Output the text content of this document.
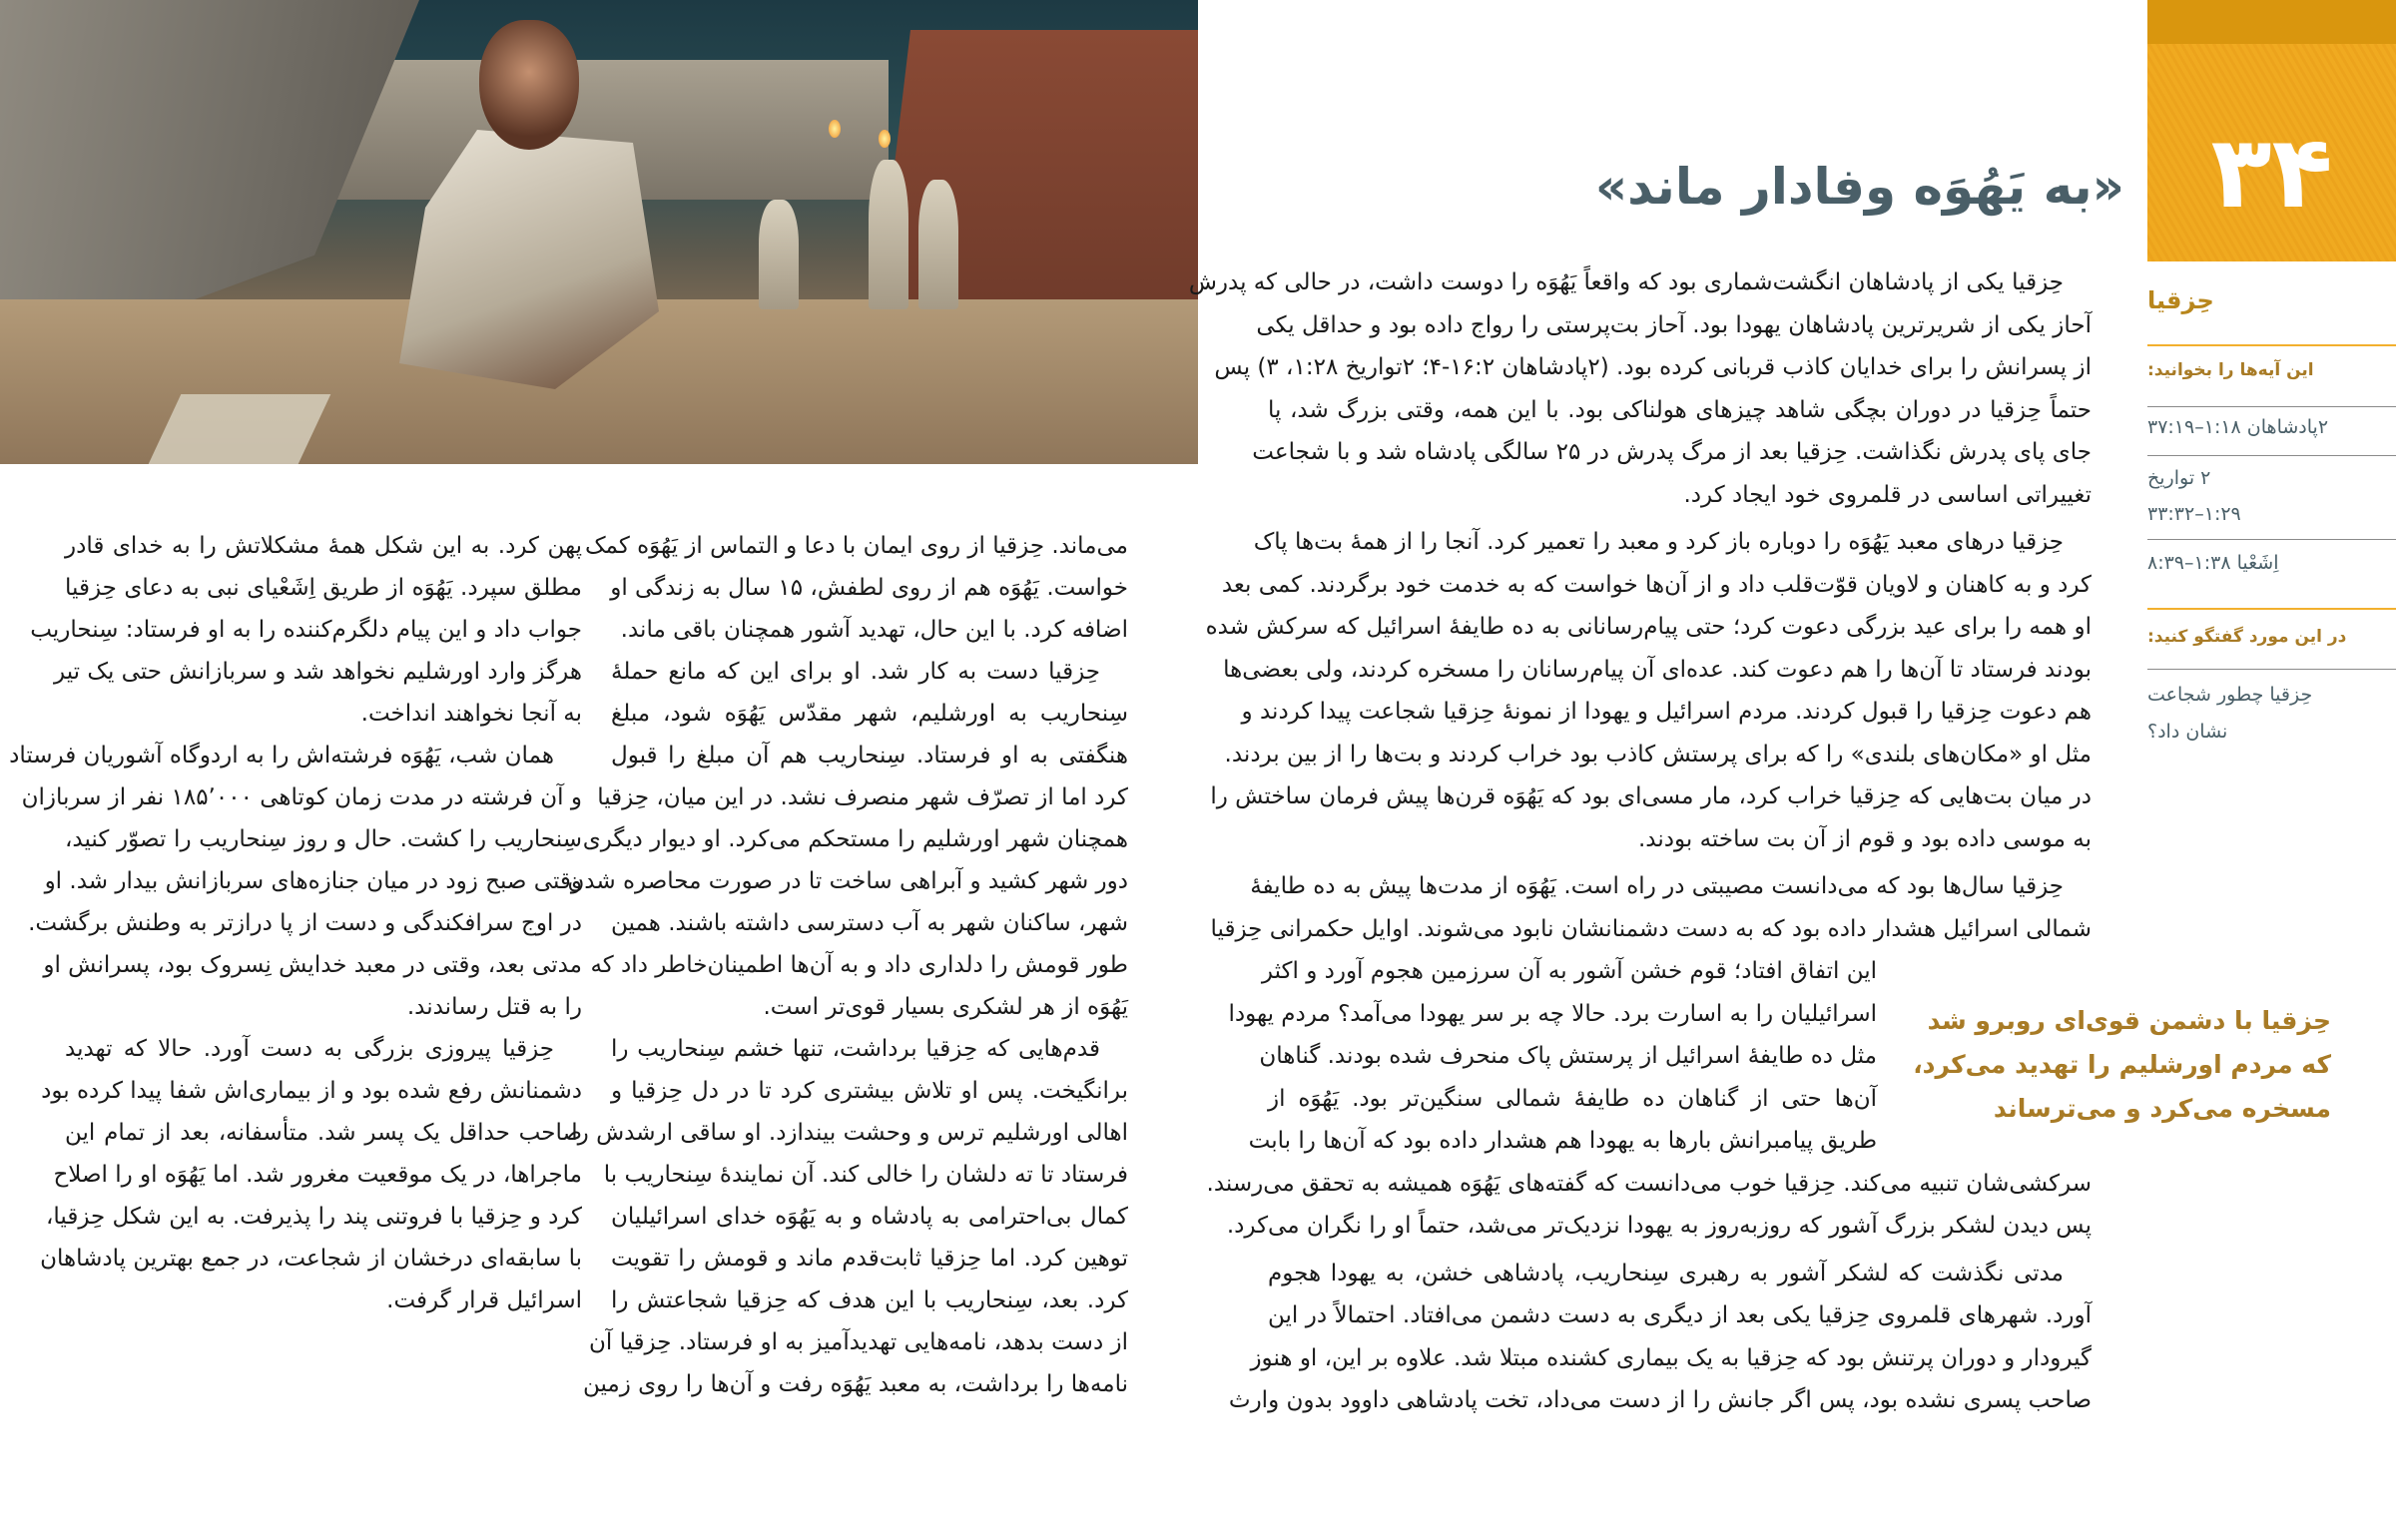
۳۴
«به یَهُوَه وفادار ماند»
حِزقیا
این آیه‌ها را بخوانید:
۲پادشاهان ۱:۱۸–۳۷:۱۹
۲ تواریخ
۱:۲۹–۳۳:۳۲
اِشَعْیا ۱:۳۸–۸:۳۹
در این مورد گفتگو کنید:
حِزقیا چطور شجاعت
نشان داد؟
حِزقیا با دشمن قوی‌ای روبرو شد
که مردم اورشلیم را تهدید می‌کرد،
مسخره می‌کرد و می‌ترساند
حِزقیا یکی از پادشاهان انگشت‌شماری بود که واقعاً یَهُوَه را دوست داشت، در حالی که پدرش
آحاز یکی از شریرترین پادشاهان یهودا بود. آحاز بت‌پرستی را رواج داده بود و حداقل یکی
از پسرانش را برای خدایان کاذب قربانی کرده بود. (۲پادشاهان ۱۶:۲-۴؛ ۲تواریخ ۱:۲۸، ۳) پس
حتماً حِزقیا در دوران بچگی شاهد چیزهای هولناکی بود. با این همه، وقتی بزرگ شد، پا
جای پای پدرش نگذاشت. حِزقیا بعد از مرگ پدرش در ۲۵ سالگی پادشاه شد و با شجاعت
تغییراتی اساسی در قلمروی خود ایجاد کرد.
حِزقیا درهای معبد یَهُوَه را دوباره باز کرد و معبد را تعمیر کرد. آنجا را از همهٔ بت‌ها پاک
کرد و به کاهنان و لاویان قوّت‌قلب داد و از آن‌ها خواست که به خدمت خود برگردند. کمی بعد
او همه را برای عید بزرگی دعوت کرد؛ حتی پیام‌رسانانی به ده طایفهٔ اسرائیل که سرکش شده
بودند فرستاد تا آن‌ها را هم دعوت کند. عده‌ای آن پیام‌رسانان را مسخره کردند، ولی بعضی‌ها
هم دعوت حِزقیا را قبول کردند. مردم اسرائیل و یهودا از نمونهٔ حِزقیا شجاعت پیدا کردند و
مثل او «مکان‌های بلندی» را که برای پرستش کاذب بود خراب کردند و بت‌ها را از بین بردند.
در میان بت‌هایی که حِزقیا خراب کرد، مار مسی‌ای بود که یَهُوَه قرن‌ها پیش فرمان ساختش را
به موسی داده بود و قوم از آن بت ساخته بودند.
حِزقیا سال‌ها بود که می‌دانست مصیبتی در راه است. یَهُوَه از مدت‌ها پیش به ده طایفهٔ
شمالی اسرائیل هشدار داده بود که به دست دشمنانشان نابود می‌شوند. اوایل حکمرانی حِزقیا
این اتفاق افتاد؛ قوم خشن آشور به آن سرزمین هجوم آورد و اکثر
اسرائیلیان را به اسارت برد. حالا چه بر سر یهودا می‌آمد؟ مردم یهودا
مثل ده طایفهٔ اسرائیل از پرستش پاک منحرف شده بودند. گناهان
آن‌ها حتی از گناهان ده طایفهٔ شمالی سنگین‌تر بود. یَهُوَه از
طریق پیامبرانش بارها به یهودا هم هشدار داده بود که آن‌ها را بابت
سرکشی‌شان تنبیه می‌کند. حِزقیا خوب می‌دانست که گفته‌های یَهُوَه همیشه به تحقق می‌رسند.
پس دیدن لشکر بزرگ آشور که روزبه‌روز به یهودا نزدیک‌تر می‌شد، حتماً او را نگران می‌کرد.
مدتی نگذشت که لشکر آشور به رهبری سِنحاریب، پادشاهی خشن، به یهودا هجوم
آورد. شهرهای قلمروی حِزقیا یکی بعد از دیگری به دست دشمن می‌افتاد. احتمالاً در این
گیرودار و دوران پرتنش بود که حِزقیا به یک بیماری کشنده مبتلا شد. علاوه بر این، او هنوز
صاحب پسری نشده بود، پس اگر جانش را از دست می‌داد، تخت پادشاهی داوود بدون وارث
می‌ماند. حِزقیا از روی ایمان با دعا و التماس از یَهُوَه کمک
خواست. یَهُوَه هم از روی لطفش، ۱۵ سال به زندگی او
اضافه کرد. با این حال، تهدید آشور همچنان باقی ماند.
حِزقیا دست به کار شد. او برای این که مانع حملهٔ
سِنحاریب به اورشلیم، شهر مقدّس یَهُوَه شود، مبلغ
هنگفتی به او فرستاد. سِنحاریب هم آن مبلغ را قبول
کرد اما از تصرّف شهر منصرف نشد. در این میان، حِزقیا
همچنان شهر اورشلیم را مستحکم می‌کرد. او دیوار دیگری
دور شهر کشید و آبراهی ساخت تا در صورت محاصره شدن
شهر، ساکنان شهر به آب دسترسی داشته باشند. همین
طور قومش را دلداری داد و به آن‌ها اطمینان‌خاطر داد که
یَهُوَه از هر لشکری بسیار قوی‌تر است.
قدم‌هایی که حِزقیا برداشت، تنها خشم سِنحاریب را
برانگیخت. پس او تلاش بیشتری کرد تا در دل حِزقیا و
اهالی اورشلیم ترس و وحشت بیندازد. او ساقی ارشدش را
فرستاد تا ته دلشان را خالی کند. آن نمایندهٔ سِنحاریب با
کمال بی‌احترامی به پادشاه و به یَهُوَه خدای اسرائیلیان
توهین کرد. اما حِزقیا ثابت‌قدم ماند و قومش را تقویت
کرد. بعد، سِنحاریب با این هدف که حِزقیا شجاعتش را
از دست بدهد، نامه‌هایی تهدیدآمیز به او فرستاد. حِزقیا آن
نامه‌ها را برداشت، به معبد یَهُوَه رفت و آن‌ها را روی زمین
پهن کرد. به این شکل همهٔ مشکلاتش را به خدای قادر
مطلق سپرد. یَهُوَه از طریق اِشَعْیای نبی به دعای حِزقیا
جواب داد و این پیام دلگرم‌کننده را به او فرستاد: سِنحاریب
هرگز وارد اورشلیم نخواهد شد و سربازانش حتی یک تیر
به آنجا نخواهند انداخت.
همان شب، یَهُوَه فرشته‌اش را به اردوگاه آشوریان فرستاد
و آن فرشته در مدت زمان کوتاهی ۱۸۵٬۰۰۰ نفر از سربازان
سِنحاریب را کشت. حال و روز سِنحاریب را تصوّر کنید،
وقتی صبح زود در میان جنازه‌های سربازانش بیدار شد. او
در اوج سرافکندگی و دست از پا درازتر به وطنش برگشت.
مدتی بعد، وقتی در معبد خدایش نِسروک بود، پسرانش او
را به قتل رساندند.
حِزقیا پیروزی بزرگی به دست آورد. حالا که تهدید
دشمنانش رفع شده بود و از بیماری‌اش شفا پیدا کرده بود
صاحب حداقل یک پسر شد. متأسفانه، بعد از تمام این
ماجراها، در یک موقعیت مغرور شد. اما یَهُوَه او را اصلاح
کرد و حِزقیا با فروتنی پند را پذیرفت. به این شکل حِزقیا،
با سابقه‌ای درخشان از شجاعت، در جمع بهترین پادشاهان
اسرائیل قرار گرفت.
